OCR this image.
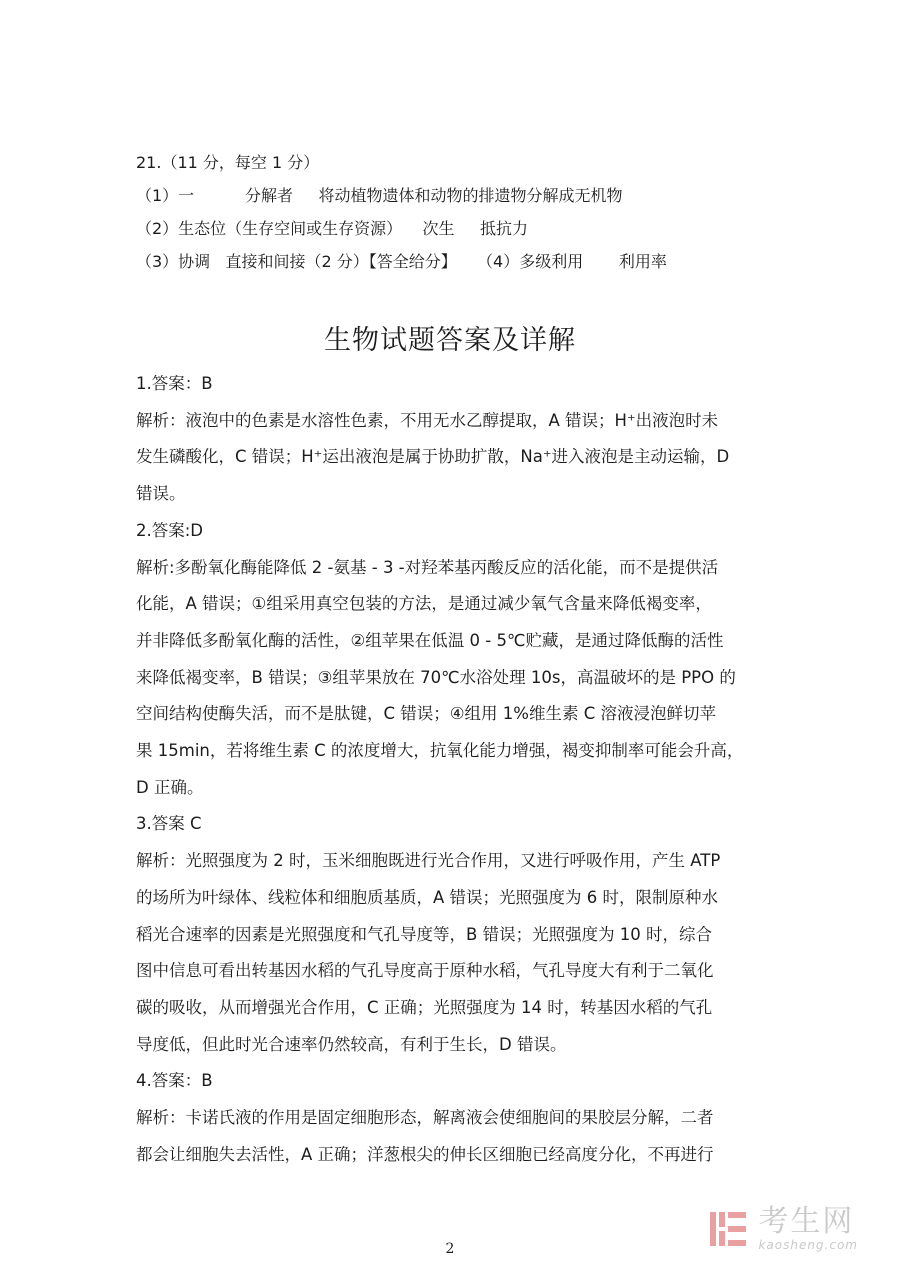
21.（11 分，每空 1 分）
（1）一          分解者     将动植物遗体和动物的排遗物分解成无机物
（2）生态位（生存空间或生存资源）    次生     抵抗力
（3）协调   直接和间接（2 分）【答全给分】    （4）多级利用       利用率
生物试题答案及详解

1.答案：B

解析：液泡中的色素是水溶性色素，不用无水乙醇提取，A 错误；H⁺出液泡时未

发生磷酸化，C 错误；H⁺运出液泡是属于协助扩散，Na⁺进入液泡是主动运输，D

错误。

2.答案:D

解析:多酚氧化酶能降低 2 -氨基 - 3 -对羟苯基丙酸反应的活化能，而不是提供活

化能，A 错误；①组采用真空包装的方法，是通过减少氧气含量来降低褐变率，

并非降低多酚氧化酶的活性，②组苹果在低温 0 - 5℃贮藏，是通过降低酶的活性

来降低褐变率，B 错误；③组苹果放在 70℃水浴处理 10s，高温破坏的是 PPO 的

空间结构使酶失活，而不是肽键，C 错误；④组用 1%维生素 C 溶液浸泡鲜切苹

果 15min，若将维生素 C 的浓度增大，抗氧化能力增强，褐变抑制率可能会升高，

D 正确。

3.答案 C

解析：光照强度为 2 时，玉米细胞既进行光合作用，又进行呼吸作用，产生 ATP

的场所为叶绿体、线粒体和细胞质基质，A 错误；光照强度为 6 时，限制原种水

稻光合速率的因素是光照强度和气孔导度等，B 错误；光照强度为 10 时，综合

图中信息可看出转基因水稻的气孔导度高于原种水稻，气孔导度大有利于二氧化

碳的吸收，从而增强光合作用，C 正确；光照强度为 14 时，转基因水稻的气孔

导度低，但此时光合速率仍然较高，有利于生长，D 错误。

4.答案：B

解析：卡诺氏液的作用是固定细胞形态，解离液会使细胞间的果胶层分解，二者

都会让细胞失去活性，A 正确；洋葱根尖的伸长区细胞已经高度分化，不再进行

2
考生网
kaosheng.com
